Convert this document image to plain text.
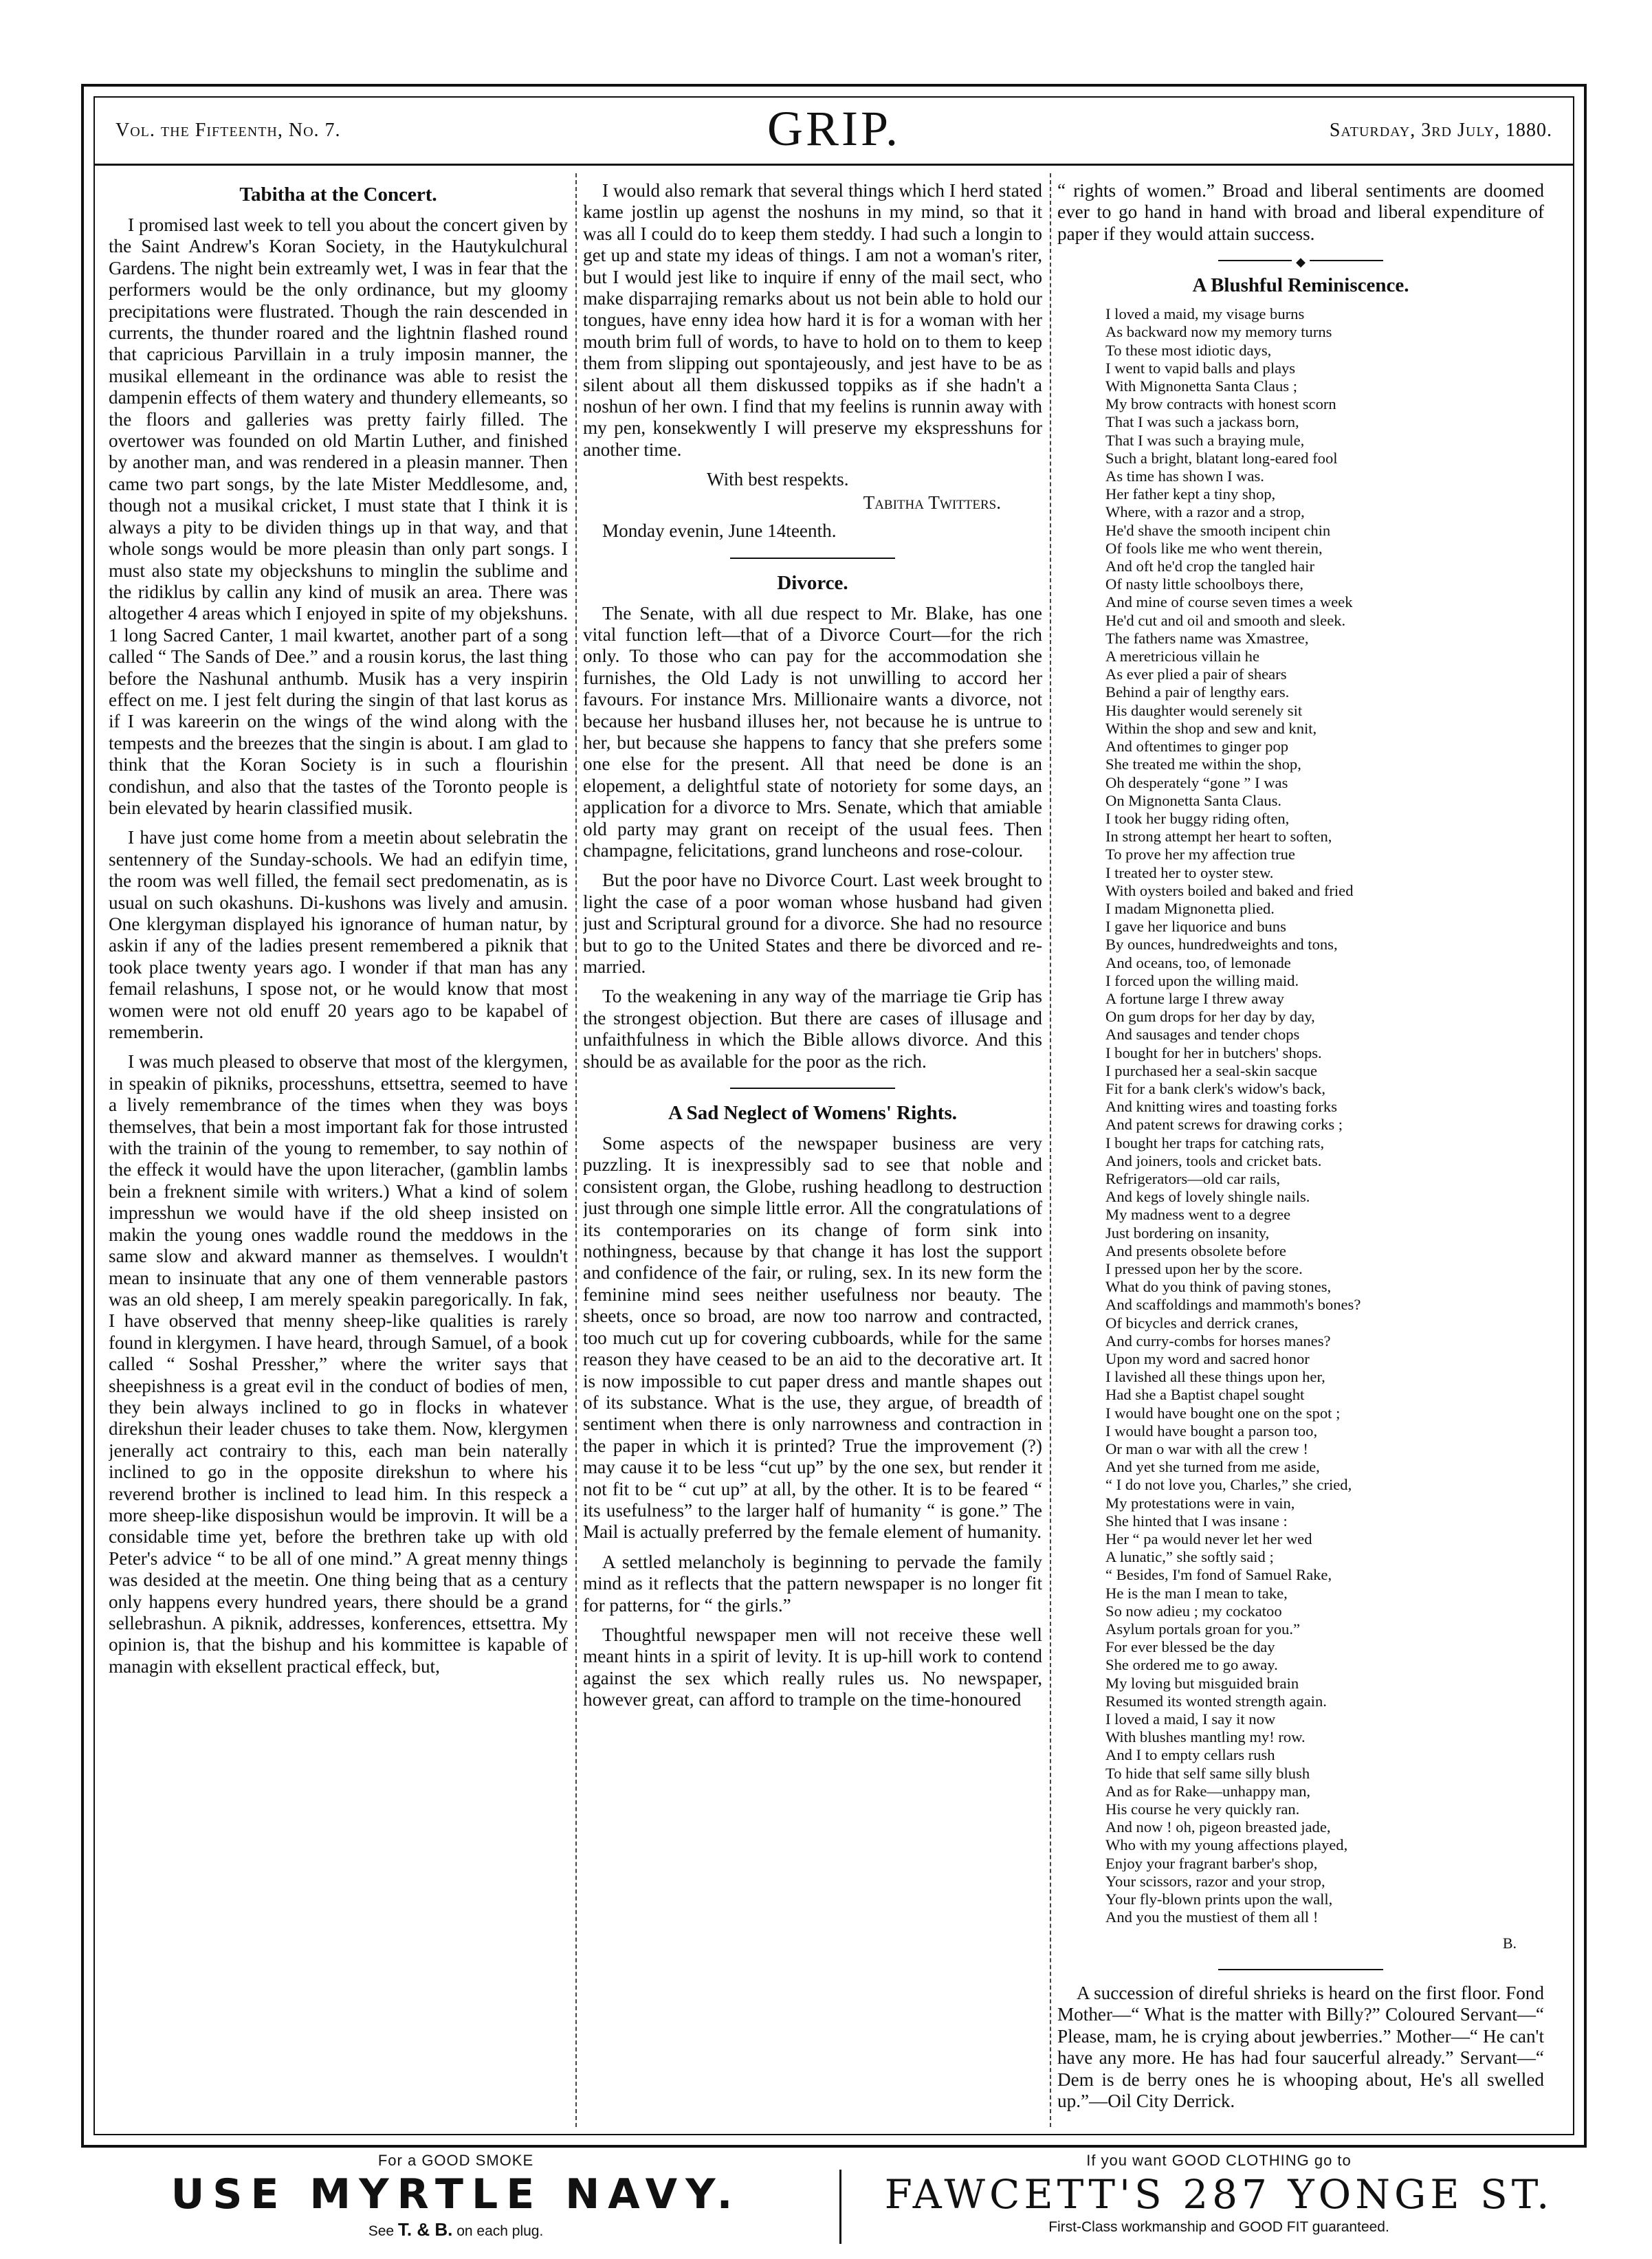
Vol. the Fifteenth, No. 7.	GRIP.	Saturday, 3rd July, 1880.
Tabitha at the Concert.

I promised last week to tell you about the concert given by the Saint Andrew's Koran Society, in the Hautykulchural Gardens. The night bein extreamly wet, I was in fear that the performers would be the only ordinance, but my gloomy precipitations were flustrated. Though the rain descended in currents, the thunder roared and the lightnin flashed round that capricious Parvillain in a truly imposin manner, the musikal ellemeant in the ordinance was able to resist the dampenin effects of them watery and thundery ellemeants, so the floors and galleries was pretty fairly filled. The overtower was founded on old Martin Luther, and finished by another man, and was rendered in a pleasin manner. Then came two part songs, by the late Mister Meddlesome, and, though not a musikal cricket, I must state that I think it is always a pity to be dividen things up in that way, and that whole songs would be more pleasin than only part songs. I must also state my objeckshuns to minglin the sublime and the ridiklus by callin any kind of musik an area. There was altogether 4 areas which I enjoyed in spite of my objekshuns. 1 long Sacred Canter, 1 mail kwartet, another part of a song called “ The Sands of Dee.” and a rousin korus, the last thing before the Nashunal anthumb. Musik has a very inspirin effect on me. I jest felt during the singin of that last korus as if I was kareerin on the wings of the wind along with the tempests and the breezes that the singin is about. I am glad to think that the Koran Society is in such a flourishin condishun, and also that the tastes of the Toronto people is bein elevated by hearin classified musik.

I have just come home from a meetin about selebratin the sentennery of the Sunday-schools. We had an edifyin time, the room was well filled, the femail sect predomenatin, as is usual on such okashuns. Di-kushons was lively and amusin. One klergyman displayed his ignorance of human natur, by askin if any of the ladies present remembered a piknik that took place twenty years ago. I wonder if that man has any femail relashuns, I spose not, or he would know that most women were not old enuff 20 years ago to be kapabel of rememberin.

I was much pleased to observe that most of the klergymen, in speakin of pikniks, processhuns, ettsettra, seemed to have a lively remembrance of the times when they was boys themselves, that bein a most important fak for those intrusted with the trainin of the young to remember, to say nothin of the effeck it would have the upon literacher, (gamblin lambs bein a freknent simile with writers.) What a kind of solem impresshun we would have if the old sheep insisted on makin the young ones waddle round the meddows in the same slow and akward manner as themselves. I wouldn't mean to insinuate that any one of them vennerable pastors was an old sheep, I am merely speakin paregorically. In fak, I have observed that menny sheep-like qualities is rarely found in klergymen. I have heard, through Samuel, of a book called “ Soshal Pressher,” where the writer says that sheepishness is a great evil in the conduct of bodies of men, they bein always inclined to go in flocks in whatever direkshun their leader chuses to take them. Now, klergymen jenerally act contrairy to this, each man bein naterally inclined to go in the opposite direkshun to where his reverend brother is inclined to lead him. In this respeck a more sheep-like disposishun would be improvin. It will be a considable time yet, before the brethren take up with old Peter's advice “ to be all of one mind.” A great menny things was desided at the meetin. One thing being that as a century only happens every hundred years, there should be a grand sellebrashun. A piknik, addresses, konferences, ettsettra. My opinion is, that the bishup and his kommittee is kapable of managin with eksellent practical effeck, but,

I would also remark that several things which I herd stated kame jostlin up agenst the noshuns in my mind, so that it was all I could do to keep them steddy. I had such a longin to get up and state my ideas of things. I am not a woman's riter, but I would jest like to inquire if enny of the mail sect, who make disparrajing remarks about us not bein able to hold our tongues, have enny idea how hard it is for a woman with her mouth brim full of words, to have to hold on to them to keep them from slipping out spontajeously, and jest have to be as silent about all them diskussed toppiks as if she hadn't a noshun of her own. I find that my feelins is runnin away with my pen, konsekwently I will preserve my ekspresshuns for another time.

With best respekts.

Tabitha Twitters.

Monday evenin, June 14teenth.

Divorce.

The Senate, with all due respect to Mr. Blake, has one vital function left—that of a Divorce Court—for the rich only. To those who can pay for the accommodation she furnishes, the Old Lady is not unwilling to accord her favours. For instance Mrs. Millionaire wants a divorce, not because her husband illuses her, not because he is untrue to her, but because she happens to fancy that she prefers some one else for the present. All that need be done is an elopement, a delightful state of notoriety for some days, an application for a divorce to Mrs. Senate, which that amiable old party may grant on receipt of the usual fees. Then champagne, felicitations, grand luncheons and rose-colour.

But the poor have no Divorce Court. Last week brought to light the case of a poor woman whose husband had given just and Scriptural ground for a divorce. She had no resource but to go to the United States and there be divorced and re-married.

To the weakening in any way of the marriage tie Grip has the strongest objection. But there are cases of illusage and unfaithfulness in which the Bible allows divorce. And this should be as available for the poor as the rich.

A Sad Neglect of Womens' Rights.

Some aspects of the newspaper business are very puzzling. It is inexpressibly sad to see that noble and consistent organ, the Globe, rushing headlong to destruction just through one simple little error. All the congratulations of its contemporaries on its change of form sink into nothingness, because by that change it has lost the support and confidence of the fair, or ruling, sex. In its new form the feminine mind sees neither usefulness nor beauty. The sheets, once so broad, are now too narrow and contracted, too much cut up for covering cubboards, while for the same reason they have ceased to be an aid to the decorative art. It is now impossible to cut paper dress and mantle shapes out of its substance. What is the use, they argue, of breadth of sentiment when there is only narrowness and contraction in the paper in which it is printed? True the improvement (?) may cause it to be less “cut up” by the one sex, but render it not fit to be “ cut up” at all, by the other. It is to be feared “ its usefulness” to the larger half of humanity “ is gone.” The Mail is actually preferred by the female element of humanity.

A settled melancholy is beginning to pervade the family mind as it reflects that the pattern newspaper is no longer fit for patterns, for “ the girls.”

Thoughtful newspaper men will not receive these well meant hints in a spirit of levity. It is up-hill work to contend against the sex which really rules us. No newspaper, however great, can afford to trample on the time-honoured

“ rights of women.” Broad and liberal sentiments are doomed ever to go hand in hand with broad and liberal expenditure of paper if they would attain success.

◆
A Blushful Reminiscence.
I loved a maid, my visage burns
As backward now my memory turns
To these most idiotic days,
I went to vapid balls and plays
With Mignonetta Santa Claus ;
My brow contracts with honest scorn
That I was such a jackass born,
That I was such a braying mule,
Such a bright, blatant long-eared fool
As time has shown I was.
Her father kept a tiny shop,
Where, with a razor and a strop,
He'd shave the smooth incipent chin
Of fools like me who went therein,
And oft he'd crop the tangled hair
Of nasty little schoolboys there,
And mine of course seven times a week
He'd cut and oil and smooth and sleek.
The fathers name was Xmastree,
A meretricious villain he
As ever plied a pair of shears
Behind a pair of lengthy ears.
His daughter would serenely sit
Within the shop and sew and knit,
And oftentimes to ginger pop
She treated me within the shop,
Oh desperately “gone ” I was
On Mignonetta Santa Claus.
I took her buggy riding often,
In strong attempt her heart to soften,
To prove her my affection true
I treated her to oyster stew.
With oysters boiled and baked and fried
I madam Mignonetta plied.
I gave her liquorice and buns
By ounces, hundredweights and tons,
And oceans, too, of lemonade
I forced upon the willing maid.
A fortune large I threw away
On gum drops for her day by day,
And sausages and tender chops
I bought for her in butchers' shops.
I purchased her a seal-skin sacque
Fit for a bank clerk's widow's back,
And knitting wires and toasting forks
And patent screws for drawing corks ;
I bought her traps for catching rats,
And joiners, tools and cricket bats.
Refrigerators—old car rails,
And kegs of lovely shingle nails.
My madness went to a degree
Just bordering on insanity,
And presents obsolete before
I pressed upon her by the score.
What do you think of paving stones,
And scaffoldings and mammoth's bones?
Of bicycles and derrick cranes,
And curry-combs for horses manes?
Upon my word and sacred honor
I lavished all these things upon her,
Had she a Baptist chapel sought
I would have bought one on the spot ;
I would have bought a parson too,
Or man o war with all the crew !
And yet she turned from me aside,
“ I do not love you, Charles,” she cried,
My protestations were in vain,
She hinted that I was insane :
Her “ pa would never let her wed
A lunatic,” she softly said ;
“ Besides, I'm fond of Samuel Rake,
He is the man I mean to take,
So now adieu ; my cockatoo
Asylum portals groan for you.”
For ever blessed be the day
She ordered me to go away.
My loving but misguided brain
Resumed its wonted strength again.
I loved a maid, I say it now
With blushes mantling my! row.
And I to empty cellars rush
To hide that self same silly blush
And as for Rake—unhappy man,
His course he very quickly ran.
And now ! oh, pigeon breasted jade,
Who with my young affections played,
Enjoy your fragrant barber's shop,
Your scissors, razor and your strop,
Your fly-blown prints upon the wall,
And you the mustiest of them all !
B.

A succession of direful shrieks is heard on the first floor. Fond Mother—“ What is the matter with Billy?” Coloured Servant—“ Please, mam, he is crying about jewberries.” Mother—“ He can't have any more. He has had four saucerful already.” Servant—“ Dem is de berry ones he is whooping about, He's all swelled up.”—Oil City Derrick.

For a GOOD SMOKE
USE MYRTLE NAVY.
See T. & B. on each plug.
If you want GOOD CLOTHING go to
FAWCETT'S 287 YONGE ST.
First-Class workmanship and GOOD FIT guaranteed.
